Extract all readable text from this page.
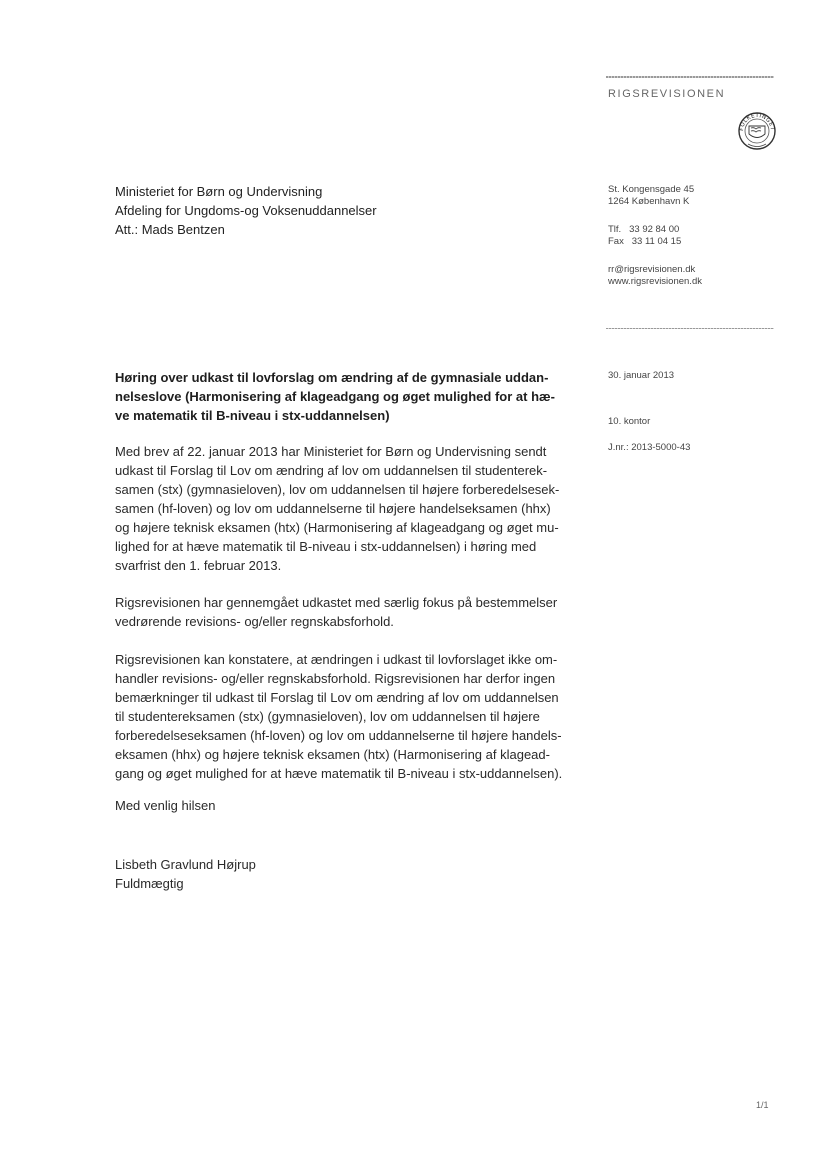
RIGSREVISIONEN
FOLKETINGET
Ministeriet for Børn og Undervisning
Afdeling for Ungdoms-og Voksenuddannelser
Att.: Mads Bentzen
St. Kongensgade 45
1264 København K
Tlf.   33 92 84 00
Fax   33 11 04 15
rr@rigsrevisionen.dk
www.rigsrevisionen.dk
30. januar 2013
10. kontor
J.nr.: 2013-5000-43
Høring over udkast til lovforslag om ændring af de gymnasiale uddan-
nelseslove (Harmonisering af klageadgang og øget mulighed for at hæ-
ve matematik til B-niveau i stx-uddannelsen)
Med brev af 22. januar 2013 har Ministeriet for Børn og Undervisning sendt
udkast til Forslag til Lov om ændring af lov om uddannelsen til studenterek-
samen (stx) (gymnasieloven), lov om uddannelsen til højere forberedelsesek-
samen (hf-loven) og lov om uddannelserne til højere handelseksamen (hhx)
og højere teknisk eksamen (htx) (Harmonisering af klageadgang og øget mu-
lighed for at hæve matematik til B-niveau i stx-uddannelsen) i høring med
svarfrist den 1. februar 2013.
Rigsrevisionen har gennemgået udkastet med særlig fokus på bestemmelser
vedrørende revisions- og/eller regnskabsforhold.
Rigsrevisionen kan konstatere, at ændringen i udkast til lovforslaget ikke om-
handler revisions- og/eller regnskabsforhold. Rigsrevisionen har derfor ingen
bemærkninger til udkast til Forslag til Lov om ændring af lov om uddannelsen
til studentereksamen (stx) (gymnasieloven), lov om uddannelsen til højere
forberedelseseksamen (hf-loven) og lov om uddannelserne til højere handels-
eksamen (hhx) og højere teknisk eksamen (htx) (Harmonisering af klagead-
gang og øget mulighed for at hæve matematik til B-niveau i stx-uddannelsen).
Med venlig hilsen
Lisbeth Gravlund Højrup
Fuldmægtig
1/1
